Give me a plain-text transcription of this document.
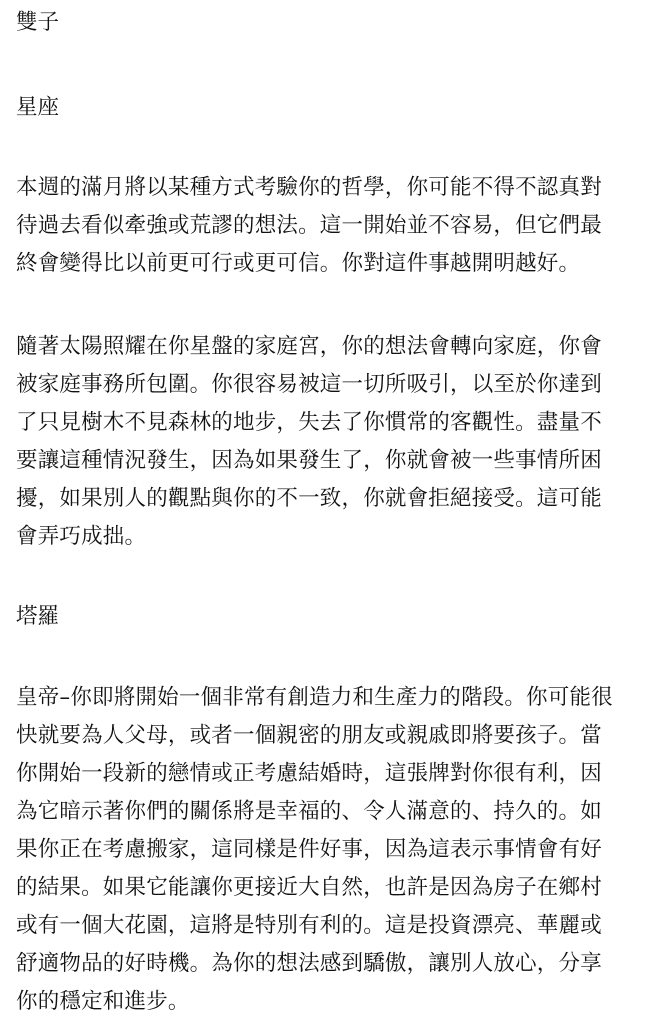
雙子
星座
本週的滿月將以某種方式考驗你的哲學，你可能不得不認真對
待過去看似牽強或荒謬的想法。這一開始並不容易，但它們最
終會變得比以前更可行或更可信。你對這件事越開明越好。
隨著太陽照耀在你星盤的家庭宮，你的想法會轉向家庭，你會
被家庭事務所包圍。你很容易被這一切所吸引，以至於你達到
了只見樹木不見森林的地步，失去了你慣常的客觀性。盡量不
要讓這種情況發生，因為如果發生了，你就會被一些事情所困
擾，如果別人的觀點與你的不一致，你就會拒絕接受。這可能
會弄巧成拙。
塔羅
皇帝–你即將開始一個非常有創造力和生產力的階段。你可能很
快就要為人父母，或者一個親密的朋友或親戚即將要孩子。當
你開始一段新的戀情或正考慮結婚時，這張牌對你很有利，因
為它暗示著你們的關係將是幸福的、令人滿意的、持久的。如
果你正在考慮搬家，這同樣是件好事，因為這表示事情會有好
的結果。如果它能讓你更接近大自然，也許是因為房子在鄉村
或有一個大花園，這將是特別有利的。這是投資漂亮、華麗或
舒適物品的好時機。為你的想法感到驕傲，讓別人放心，分享
你的穩定和進步。
